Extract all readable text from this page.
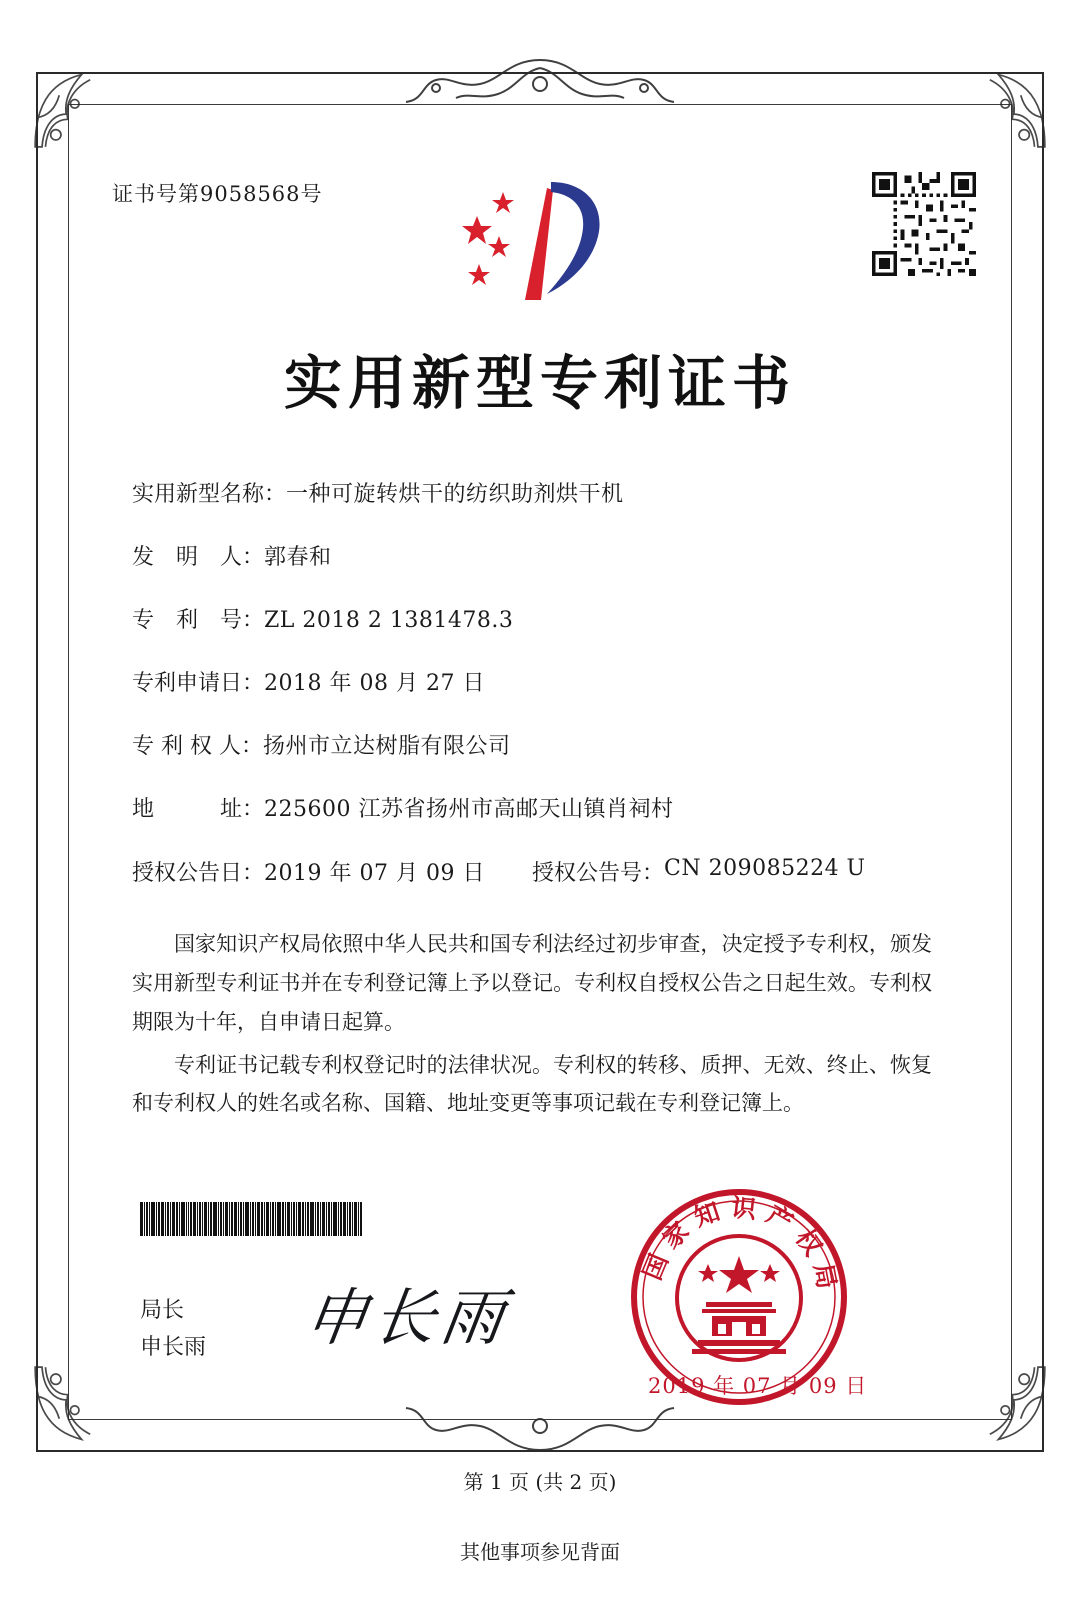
证书号第9058568号
实用新型专利证书
实用新型名称： 一种可旋转烘干的纺织助剂烘干机
发　明　人： 郭春和
专　利　号： ZL 2018 2 1381478.3
专利申请日： 2018 年 08 月 27 日
专 利 权 人： 扬州市立达树脂有限公司
地　　　址： 225600 江苏省扬州市高邮天山镇肖祠村
授权公告日： 2019 年 07 月 09 日	授权公告号： CN 209085224 U

国家知识产权局依照中华人民共和国专利法经过初步审查，决定授予专利权，颁发实用新型专利证书并在专利登记簿上予以登记。专利权自授权公告之日起生效。专利权期限为十年，自申请日起算。

专利证书记载专利权登记时的法律状况。专利权的转移、质押、无效、终止、恢复和专利权人的姓名或名称、国籍、地址变更等事项记载在专利登记簿上。

局长
申长雨 申长雨
国家知识产权局
2019 年 07 月 09 日
第 1 页 (共 2 页)
其他事项参见背面
